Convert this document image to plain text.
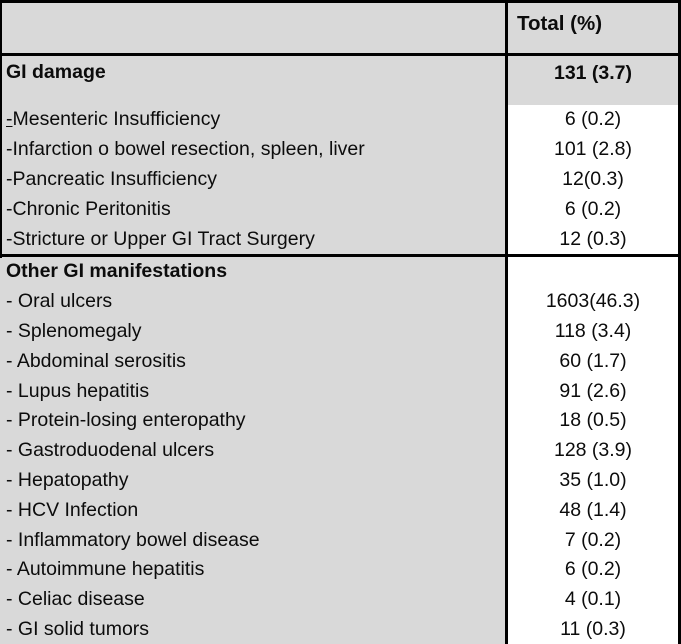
Total (%)
GI damage	131 (3.7)
- Mesenteric Insufficiency	6 (0.2)
-Infarction o bowel resection, spleen, liver	101 (2.8)
-Pancreatic Insufficiency	12(0.3)
-Chronic Peritonitis	6 (0.2)
-Stricture or Upper GI Tract Surgery	12 (0.3)
Other GI manifestations
- Oral ulcers	1603(46.3)
- Splenomegaly	118 (3.4)
- Abdominal serositis	60 (1.7)
- Lupus hepatitis	91 (2.6)
- Protein-losing enteropathy	18 (0.5)
- Gastroduodenal ulcers	128 (3.9)
- Hepatopathy	35 (1.0)
- HCV Infection	48 (1.4)
- Inflammatory bowel disease	7 (0.2)
- Autoimmune hepatitis	6 (0.2)
- Celiac disease	4 (0.1)
- GI solid tumors	11 (0.3)
